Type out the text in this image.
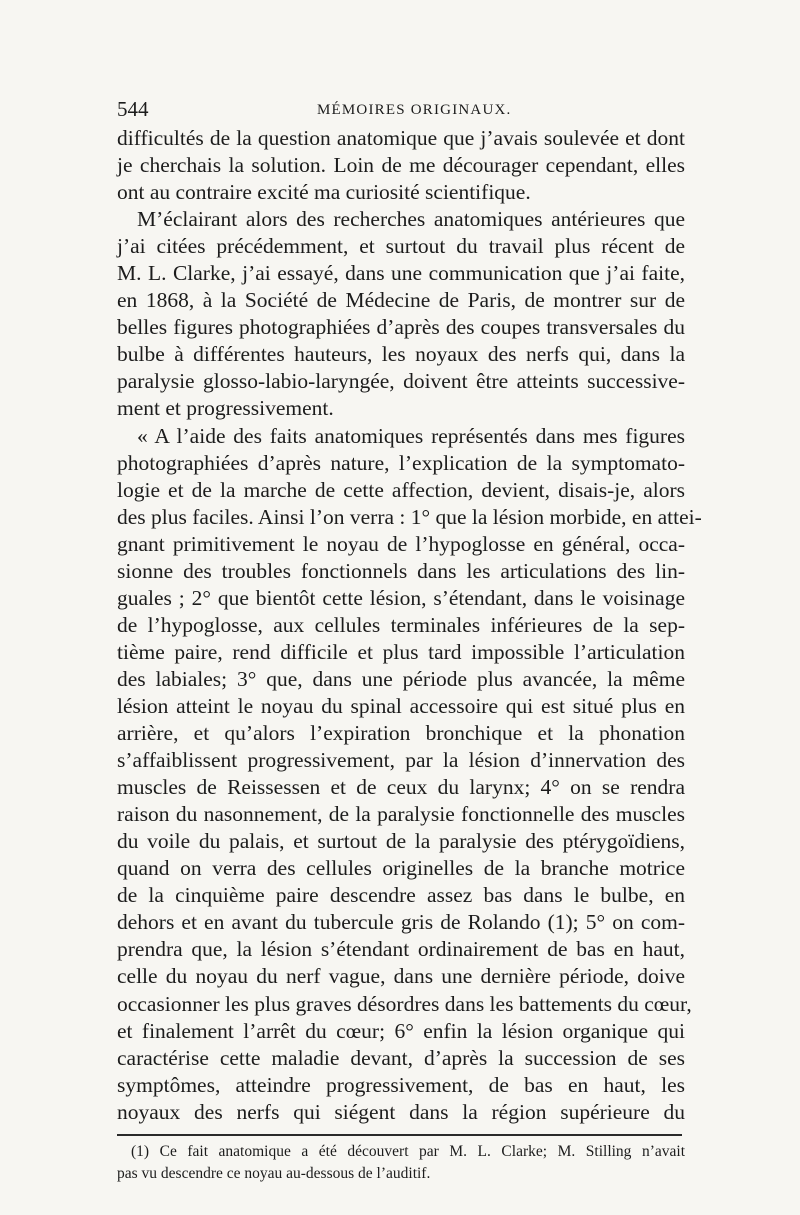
544	MÉMOIRES ORIGINAUX.
difficultés de la question anatomique que j’avais soulevée et dont
je cherchais la solution. Loin de me décourager cependant, elles
ont au contraire excité ma curiosité scientifique.
M’éclairant alors des recherches anatomiques antérieures que
j’ai citées précédemment, et surtout du travail plus récent de
M. L. Clarke, j’ai essayé, dans une communication que j’ai faite,
en 1868, à la Société de Médecine de Paris, de montrer sur de
belles figures photographiées d’après des coupes transversales du
bulbe à différentes hauteurs, les noyaux des nerfs qui, dans la
paralysie glosso-labio-laryngée, doivent être atteints successive-
ment et progressivement.
« A l’aide des faits anatomiques représentés dans mes figures
photographiées d’après nature, l’explication de la symptomato-
logie et de la marche de cette affection, devient, disais-je, alors
des plus faciles. Ainsi l’on verra : 1° que la lésion morbide, en attei-
gnant primitivement le noyau de l’hypoglosse en général, occa-
sionne des troubles fonctionnels dans les articulations des lin-
guales ; 2° que bientôt cette lésion, s’étendant, dans le voisinage
de l’hypoglosse, aux cellules terminales inférieures de la sep-
tième paire, rend difficile et plus tard impossible l’articulation
des labiales; 3° que, dans une période plus avancée, la même
lésion atteint le noyau du spinal accessoire qui est situé plus en
arrière, et qu’alors l’expiration bronchique et la phonation
s’affaiblissent progressivement, par la lésion d’innervation des
muscles de Reissessen et de ceux du larynx; 4° on se rendra
raison du nasonnement, de la paralysie fonctionnelle des muscles
du voile du palais, et surtout de la paralysie des ptérygoïdiens,
quand on verra des cellules originelles de la branche motrice
de la cinquième paire descendre assez bas dans le bulbe, en
dehors et en avant du tubercule gris de Rolando (1); 5° on com-
prendra que, la lésion s’étendant ordinairement de bas en haut,
celle du noyau du nerf vague, dans une dernière période, doive
occasionner les plus graves désordres dans les battements du cœur,
et finalement l’arrêt du cœur; 6° enfin la lésion organique qui
caractérise cette maladie devant, d’après la succession de ses
symptômes, atteindre progressivement, de bas en haut, les
noyaux des nerfs qui siégent dans la région supérieure du
(1) Ce fait anatomique a été découvert par M. L. Clarke; M. Stilling n’avait
pas vu descendre ce noyau au-dessous de l’auditif.
